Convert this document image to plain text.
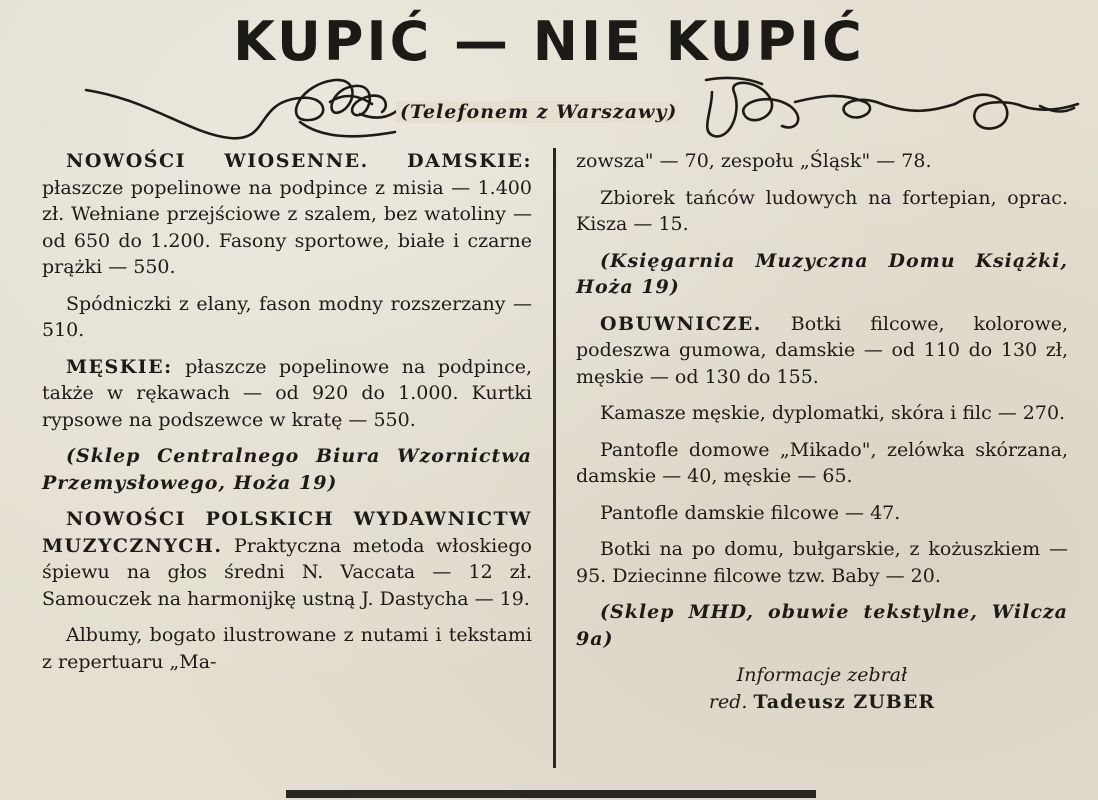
KUPIĆ — NIE KUPIĆ
(Telefonem z Warszawy)

NOWOŚCI WIOSENNE. DAMSKIE: płaszcze popelinowe na podpince z misia — 1.400 zł. Wełniane przejściowe z szalem, bez watoliny — od 650 do 1.200. Fasony sportowe, białe i czarne prążki — 550.

Spódniczki z elany, fason modny rozszerzany — 510.

MĘSKIE: płaszcze popelinowe na podpince, także w rękawach — od 920 do 1.000. Kurtki rypsowe na podszewce w kratę — 550.

(Sklep Centralnego Biura Wzornictwa Przemysłowego, Hoża 19)

NOWOŚCI POLSKICH WYDAWNICTW MUZYCZNYCH. Praktyczna metoda włoskiego śpiewu na głos średni N. Vaccata — 12 zł. Samouczek na harmonijkę ustną J. Dastycha — 19.

Albumy, bogato ilustrowane z nutami i tekstami z repertuaru „Ma-

zowsza" — 70, zespołu „Śląsk" — 78.

Zbiorek tańców ludowych na fortepian, oprac. Kisza — 15.

(Księgarnia Muzyczna Domu Książki, Hoża 19)

OBUWNICZE. Botki filcowe, kolorowe, podeszwa gumowa, damskie — od 110 do 130 zł, męskie — od 130 do 155.

Kamasze męskie, dyplomatki, skóra i filc — 270.

Pantofle domowe „Mikado", zelówka skórzana, damskie — 40, męskie — 65.

Pantofle damskie filcowe — 47.

Botki na po domu, bułgarskie, z kożuszkiem — 95. Dziecinne filcowe tzw. Baby — 20.

(Sklep MHD, obuwie tekstylne, Wilcza 9a)

Informacje zebrał

red. Tadeusz ZUBER
